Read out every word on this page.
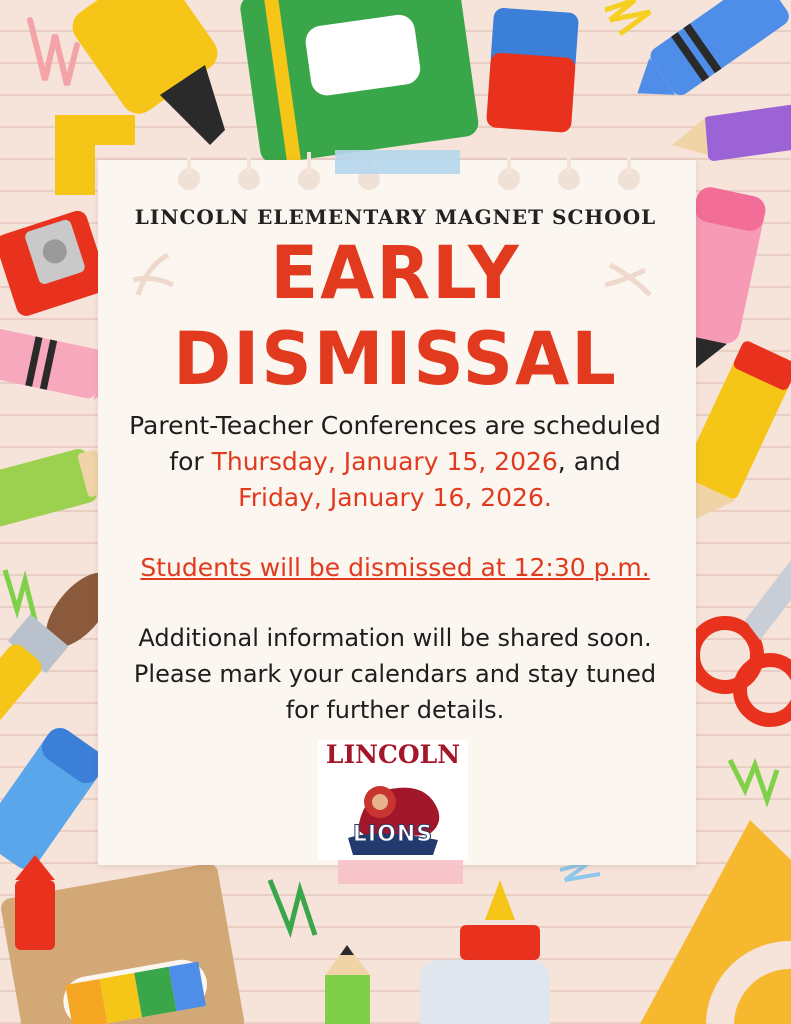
LINCOLN ELEMENTARY MAGNET SCHOOL
EARLY
DISMISSAL
Parent-Teacher Conferences are scheduled
for Thursday, January 15, 2026, and
Friday, January 16, 2026.
Students will be dismissed at 12:30 p.m.
Additional information will be shared soon.
Please mark your calendars and stay tuned
for further details.
LINCOLN
LIONS
